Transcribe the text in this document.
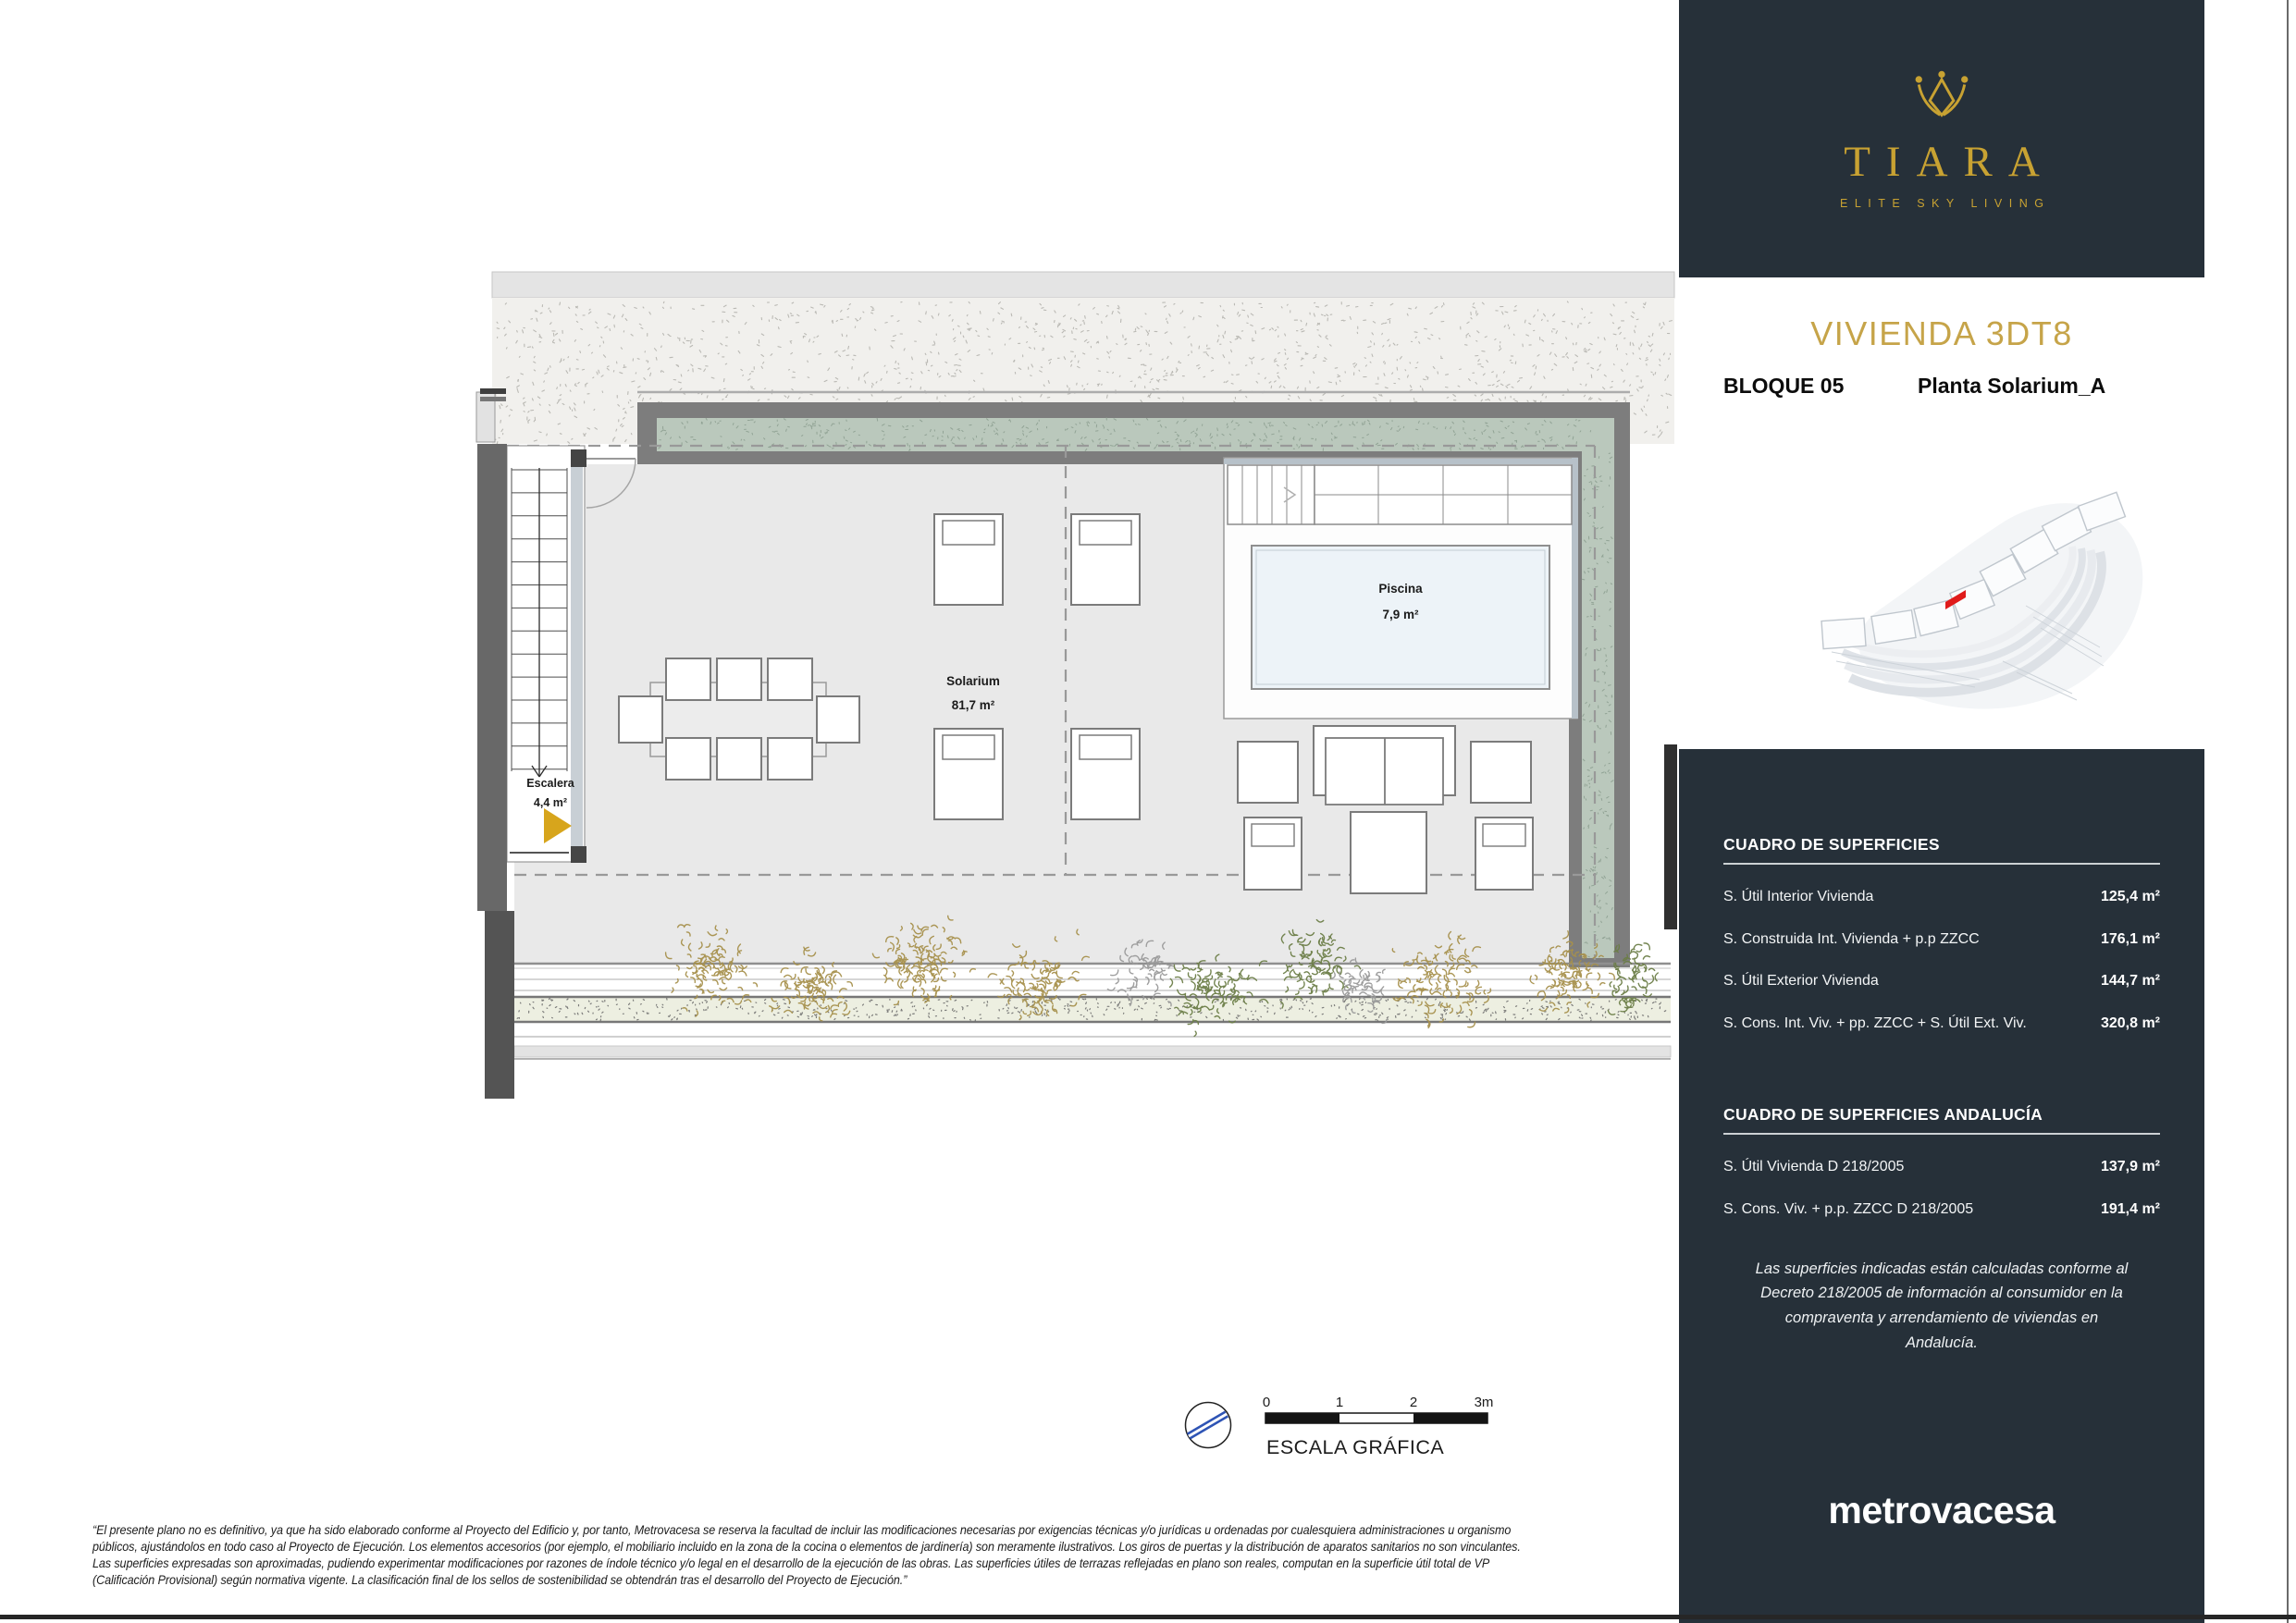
Piscina
7,9 m²
Escalera
4,4 m²
Solarium
81,7 m²
0	1	2	3m
ESCALA GRÁFICA
TIARA
ELITE SKY LIVING
VIVIENDA 3DT8
BLOQUE 05	Planta Solarium_A
CUADRO DE SUPERFICIES
S. Útil Interior Vivienda	125,4 m²
S. Construida Int. Vivienda + p.p ZZCC	176,1 m²
S. Útil Exterior Vivienda	144,7 m²
S. Cons. Int. Viv. + pp. ZZCC + S. Útil Ext. Viv.	320,8 m²
CUADRO DE SUPERFICIES ANDALUCÍA
S. Útil Vivienda D 218/2005	137,9 m²
S. Cons. Viv. + p.p. ZZCC D 218/2005	191,4 m²

Las superficies indicadas están calculadas conforme al Decreto 218/2005 de información al consumidor en la compraventa y arrendamiento de viviendas en Andalucía.

metrovacesa

“El presente plano no es definitivo, ya que ha sido elaborado conforme al Proyecto del Edificio y, por tanto, Metrovacesa se reserva la facultad de incluir las modificaciones necesarias por exigencias técnicas y/o jurídicas u ordenadas por cualesquiera administraciones u organismo públicos, ajustándolos en todo caso al Proyecto de Ejecución. Los elementos accesorios (por ejemplo, el mobiliario incluido en la zona de la cocina o elementos de jardinería) son meramente ilustrativos. Los giros de puertas y la distribución de aparatos sanitarios no son vinculantes. Las superficies expresadas son aproximadas, pudiendo experimentar modificaciones por razones de índole técnico y/o legal en el desarrollo de la ejecución de las obras. Las superficies útiles de terrazas reflejadas en plano son reales, computan en la superficie útil total de VP (Calificación Provisional) según normativa vigente. La clasificación final de los sellos de sostenibilidad se obtendrán tras el desarrollo del Proyecto de Ejecución.”
